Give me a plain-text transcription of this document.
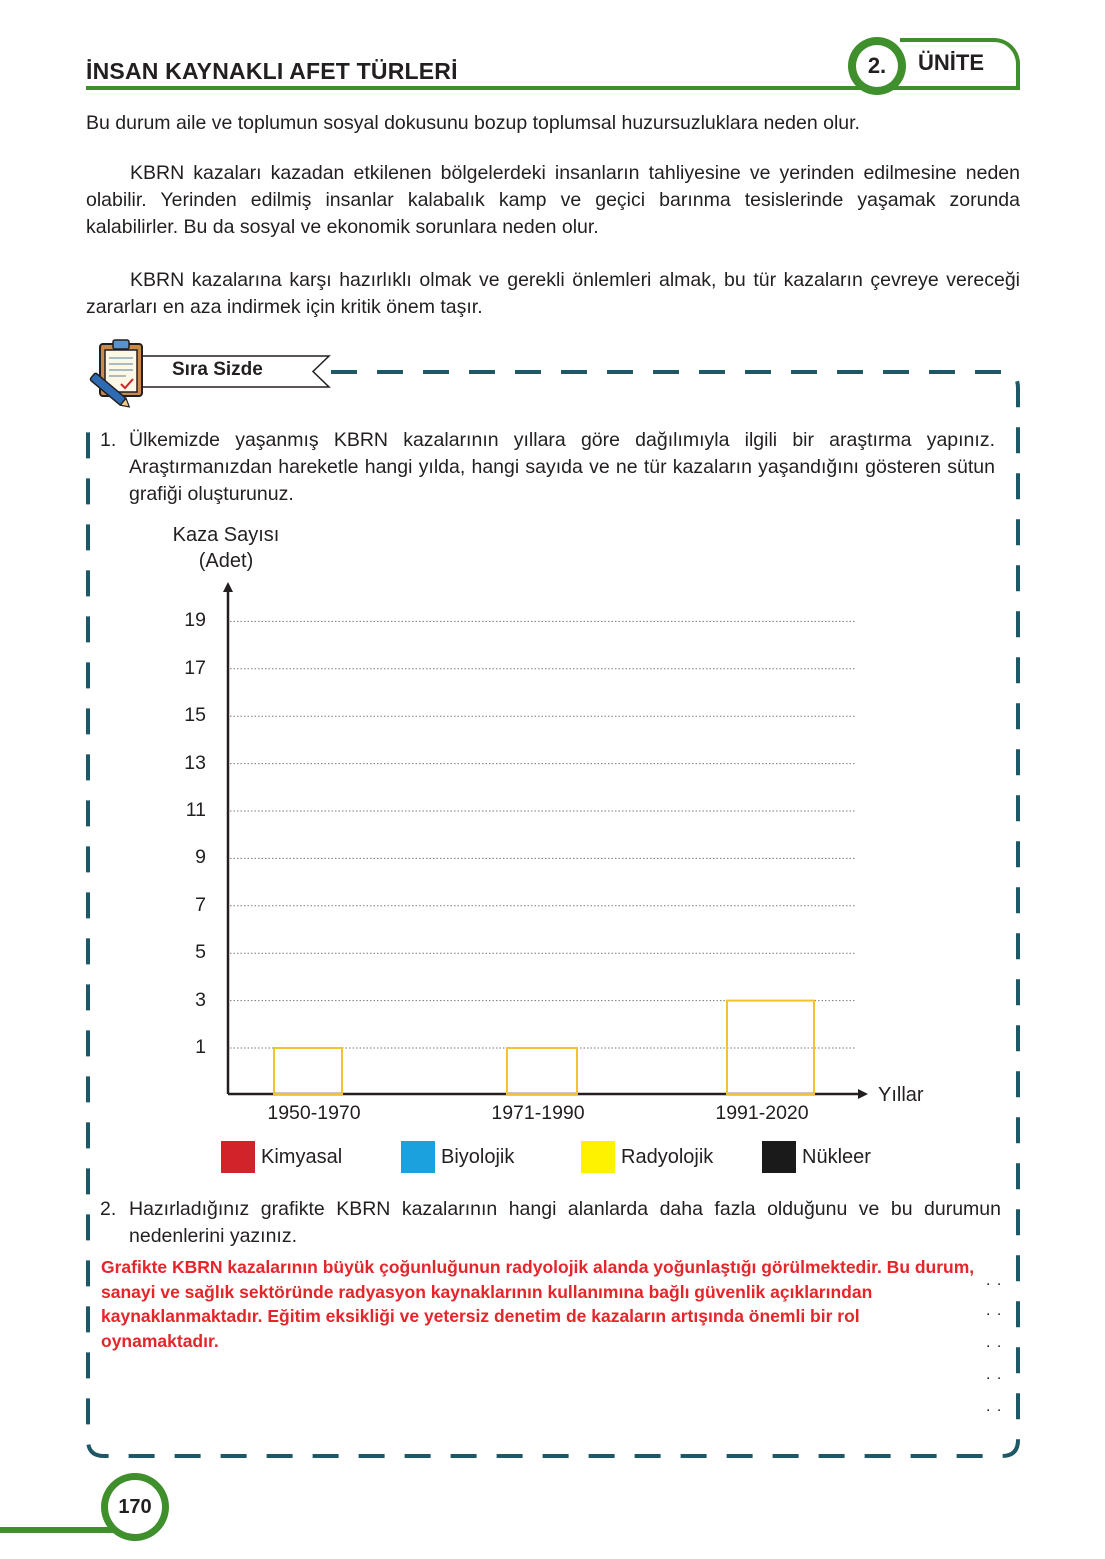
İNSAN KAYNAKLI AFET TÜRLERİ	2.	ÜNİTE

Bu durum aile ve toplumun sosyal dokusunu bozup toplumsal huzursuzluklara neden olur.

KBRN kazaları kazadan etkilenen bölgelerdeki insanların tahliyesine ve yerinden edilmesine neden olabilir. Yerinden edilmiş insanlar kalabalık kamp ve geçici barınma tesislerinde yaşamak zorunda kalabilirler. Bu da sosyal ve ekonomik sorunlara neden olur.

KBRN kazalarına karşı hazırlıklı olmak ve gerekli önlemleri almak, bu tür kazaların çevreye vereceği zararları en aza indirmek için kritik önem taşır.

Sıra Sizde
1. Ülkemizde yaşanmış KBRN kazalarının yıllara göre dağılımıyla ilgili bir araştırma yapınız. Araştırmanızdan hareketle hangi yılda, hangi sayıda ve ne tür kazaların yaşandığını gösteren sütun grafiği oluşturunuz.
Kaza Sayısı
(Adet)
1
3
5
7
9
11
13
15
17
19
1950-1970	1971-1990	1991-2020
Yıllar
Kimyasal	Biyolojik	Radyolojik	Nükleer
2. Hazırladığınız grafikte KBRN kazalarının hangi alanlarda daha fazla olduğunu ve bu durumun nedenlerini yazınız.
Grafikte KBRN kazalarının büyük çoğunluğunun radyolojik alanda yoğunlaştığı görülmektedir. Bu durum, sanayi ve sağlık sektöründe radyasyon kaynaklarının kullanımına bağlı güvenlik açıklarından kaynaklanmaktadır. Eğitim eksikliği ve yetersiz denetim de kazaların artışında önemli bir rol oynamaktadır.
. .
. .
. .
. .
. .
170
